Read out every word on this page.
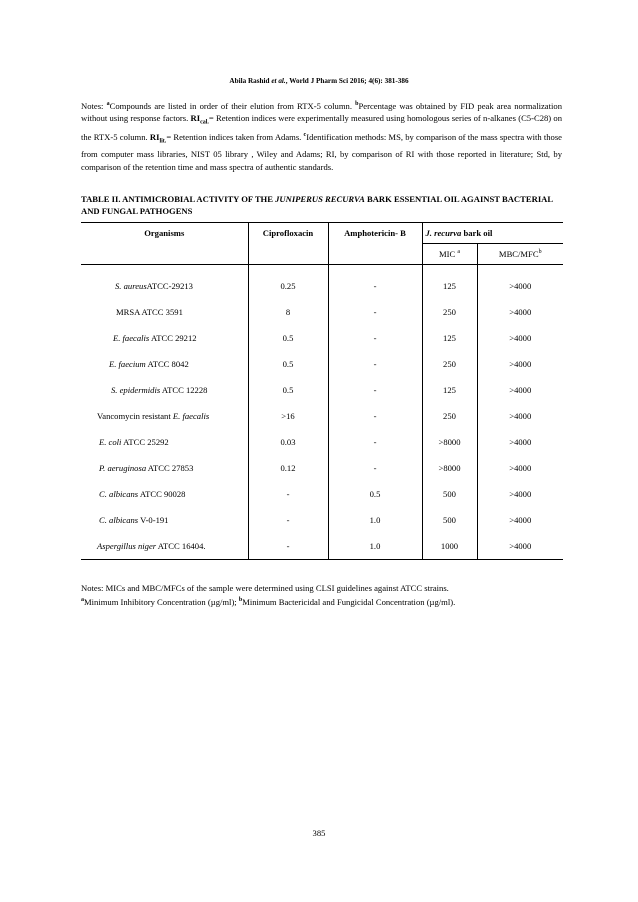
Abila Rashid et al., World J Pharm Sci 2016; 4(6): 381-386
Notes: $^a$Compounds are listed in order of their elution from RTX-5 column. $^b$Percentage was obtained by FID peak area normalization without using response factors. $RI_{cal.}=$ Retention indices were experimentally measured using homologous series of n-alkanes (C5-C28) on the RTX-5 column. $RI_{lit.}=$ Retention indices taken from Adams. $^c$Identification methods: MS, by comparison of the mass spectra with those from computer mass libraries, NIST 05 library , Wiley and Adams; RI, by comparison of RI with those reported in literature; Std, by comparison of the retention time and mass spectra of authentic standards.
TABLE II. ANTIMICROBIAL ACTIVITY OF THE JUNIPERUS RECURVA BARK ESSENTIAL OIL AGAINST BACTERIAL AND FUNGAL PATHOGENS
Organisms	Ciprofloxacin	Amphotericin- B	J. recurva bark oil	
			MIC $^a$	MBC/MFC$^b$

S. aureusATCC-29213	0.25	-	125	>4000
MRSA ATCC 3591	8	-	250	>4000
E. faecalis ATCC 29212	0.5	-	125	>4000
E. faecium ATCC 8042	0.5	-	250	>4000
S. epidermidis ATCC 12228	0.5	-	125	>4000
Vancomycin resistant E. faecalis	>16	-	250	>4000
E. coli ATCC 25292	0.03	-	>8000	>4000
P. aeruginosa ATCC 27853	0.12	-	>8000	>4000
C. albicans ATCC 90028	-	0.5	500	>4000
C. albicans V-0-191	-	1.0	500	>4000
Aspergillus niger ATCC 16404.	-	1.0	1000	>4000
Notes: MICs and MBC/MFCs of the sample were determined using CLSI guidelines against ATCC strains.
$^a$Minimum Inhibitory Concentration (µg/ml); $^b$Minimum Bactericidal and Fungicidal Concentration (µg/ml).
385
